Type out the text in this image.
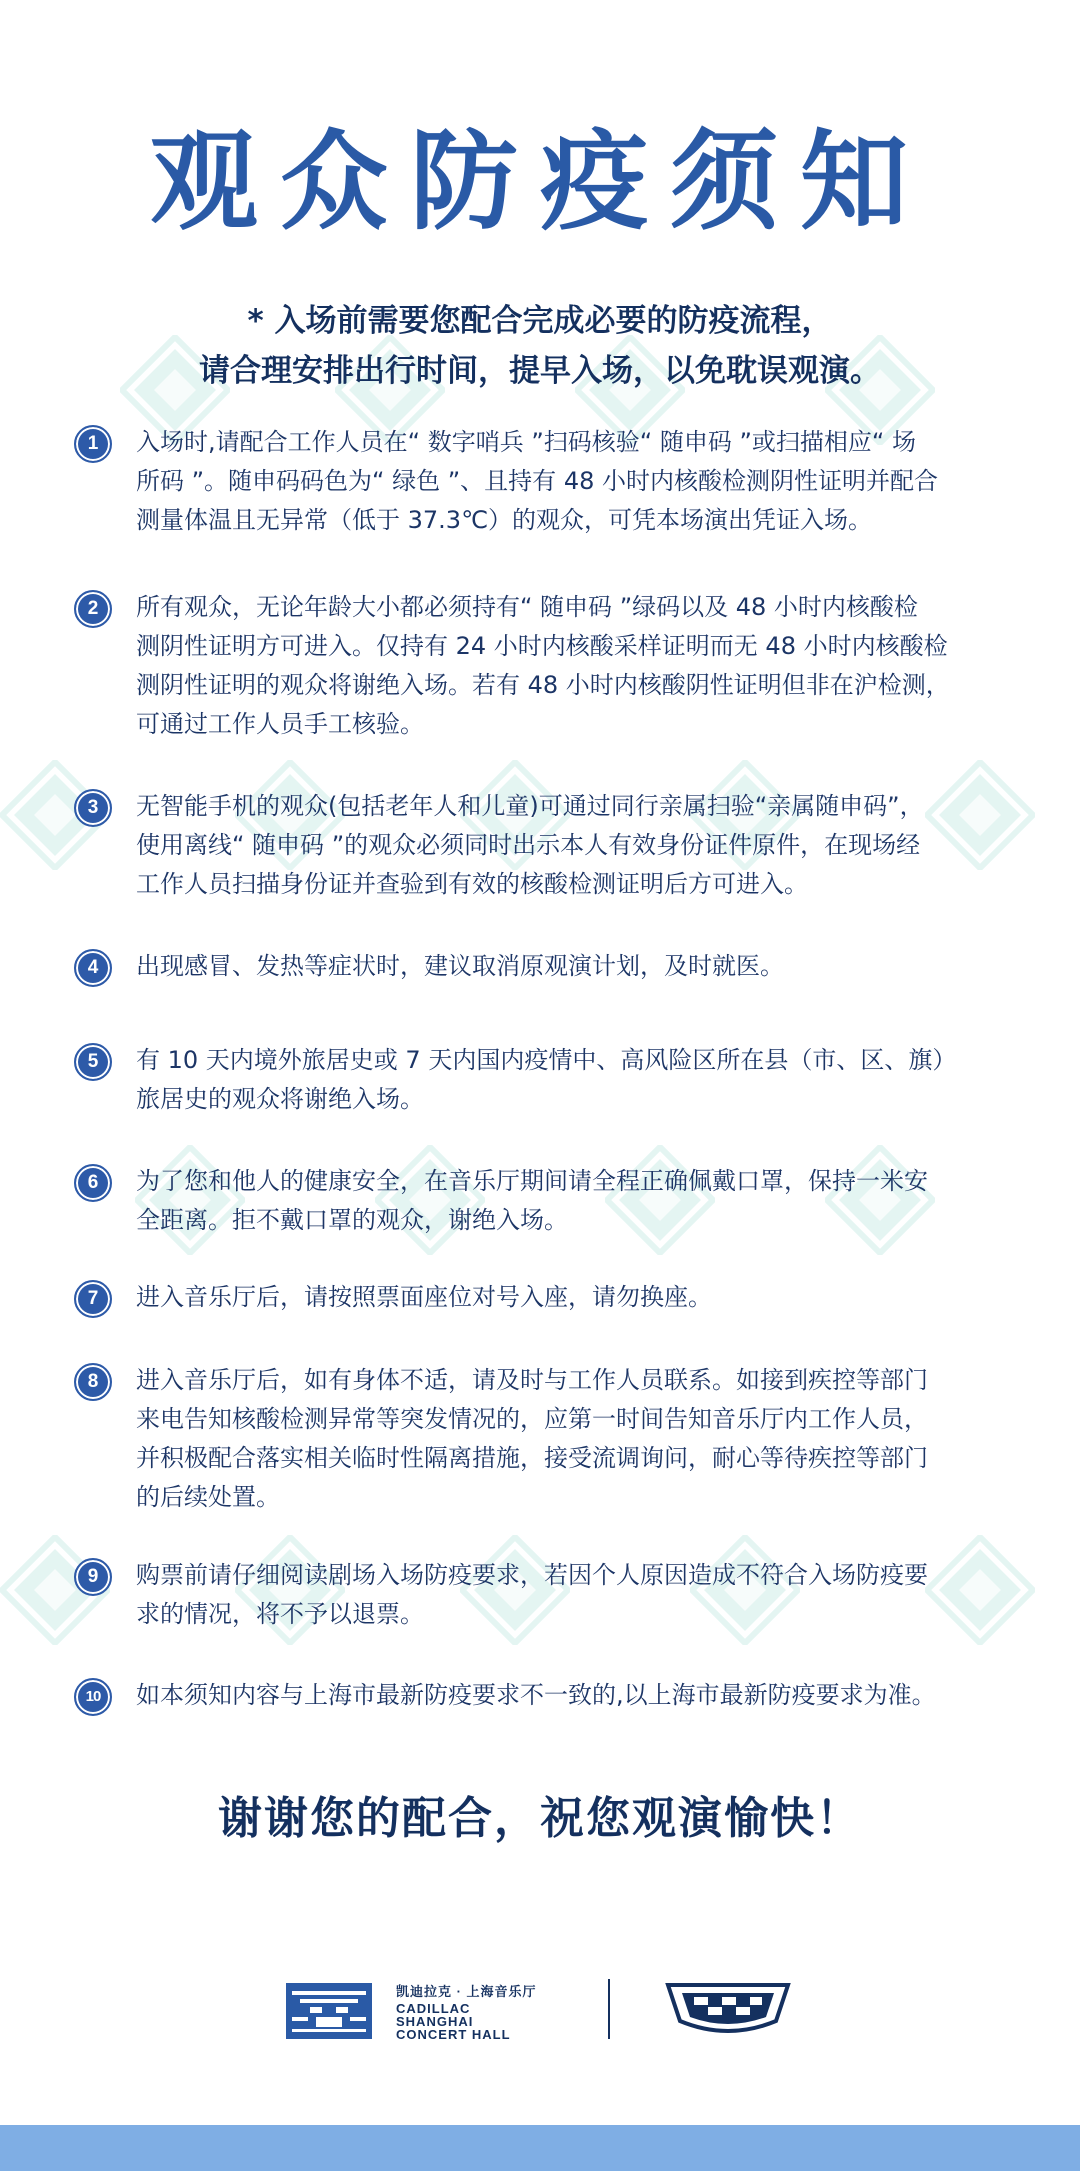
观众防疫须知
* 入场前需要您配合完成必要的防疫流程，
请合理安排出行时间，提早入场，以免耽误观演。
1	入场时,请配合工作人员在“ 数字哨兵 ”扫码核验“ 随申码 ”或扫描相应“ 场
所码 ”。随申码码色为“ 绿色 ”、且持有 48 小时内核酸检测阴性证明并配合
测量体温且无异常（低于 37.3℃）的观众，可凭本场演出凭证入场。
2	所有观众，无论年龄大小都必须持有“ 随申码 ”绿码以及 48 小时内核酸检
测阴性证明方可进入。仅持有 24 小时内核酸采样证明而无 48 小时内核酸检
测阴性证明的观众将谢绝入场。若有 48 小时内核酸阴性证明但非在沪检测，
可通过工作人员手工核验。
3	无智能手机的观众(包括老年人和儿童)可通过同行亲属扫验“亲属随申码”，
使用离线“ 随申码 ”的观众必须同时出示本人有效身份证件原件，在现场经
工作人员扫描身份证并查验到有效的核酸检测证明后方可进入。
4	出现感冒、发热等症状时，建议取消原观演计划，及时就医。
5	有 10 天内境外旅居史或 7 天内国内疫情中、高风险区所在县（市、区、旗）
旅居史的观众将谢绝入场。
6	为了您和他人的健康安全，在音乐厅期间请全程正确佩戴口罩，保持一米安
全距离。拒不戴口罩的观众，谢绝入场。
7	进入音乐厅后，请按照票面座位对号入座，请勿换座。
8	进入音乐厅后，如有身体不适，请及时与工作人员联系。如接到疾控等部门
来电告知核酸检测异常等突发情况的，应第一时间告知音乐厅内工作人员，
并积极配合落实相关临时性隔离措施，接受流调询问，耐心等待疾控等部门
的后续处置。
9	购票前请仔细阅读剧场入场防疫要求，若因个人原因造成不符合入场防疫要
求的情况，将不予以退票。
10	如本须知内容与上海市最新防疫要求不一致的,以上海市最新防疫要求为准。
谢谢您的配合，祝您观演愉快！
凯迪拉克 · 上海音乐厅
CADILLAC
SHANGHAI
CONCERT HALL
